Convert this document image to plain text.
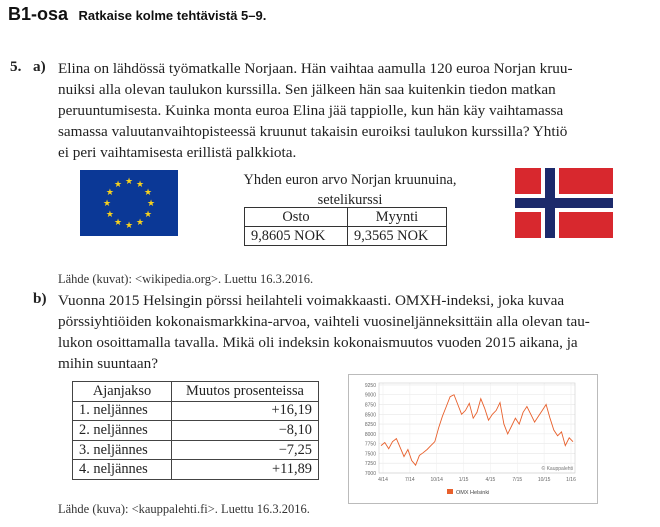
B1-osa Ratkaise kolme tehtävistä 5–9.
5. a) Elina on lähdössä työmatkalle Norjaan. Hän vaihtaa aamulla 120 euroa Norjan kruu-
nuiksi alla olevan taulukon kurssilla. Sen jälkeen hän saa kuitenkin tiedon matkan
peruuntumisesta. Kuinka monta euroa Elina jää tappiolle, kun hän käy vaihtamassa
samassa valuutanvaihtopisteessä kruunut takaisin euroiksi taulukon kurssilla? Yhtiö
ei peri vaihtamisesta erillistä palkkiota.
★ ★
★
★
★
★
★
★
★
★
★
★	Yhden euron arvo Norjan kruunuina,
setelikurssi
Osto	Myynti
9,8605 NOK	9,3565 NOK
Lähde (kuvat): <wikipedia.org>. Luettu 16.3.2016.
b) Vuonna 2015 Helsingin pörssi heilahteli voimakkaasti. OMXH-indeksi, joka kuvaa
pörssiyhtiöiden kokonaismarkkina-arvoa, vaihteli vuosineljänneksittäin alla olevan tau-
lukon osoittamalla tavalla. Mikä oli indeksin kokonaismuutos vuoden 2015 aikana, ja
mihin suuntaan?
Ajanjakso	Muutos prosenteissa
1. neljännes	+16,19
2. neljännes	−8,10
3. neljännes	−7,25
4. neljännes	+11,89
9250
9000
8750
8500
8250
8000
7750
7500
7250
7000
4/14	7/14	10/14	1/15	4/15	7/15	10/15	1/16
© Kauppalehti
OMX Helsinki
Lähde (kuva): <kauppalehti.fi>. Luettu 16.3.2016.
